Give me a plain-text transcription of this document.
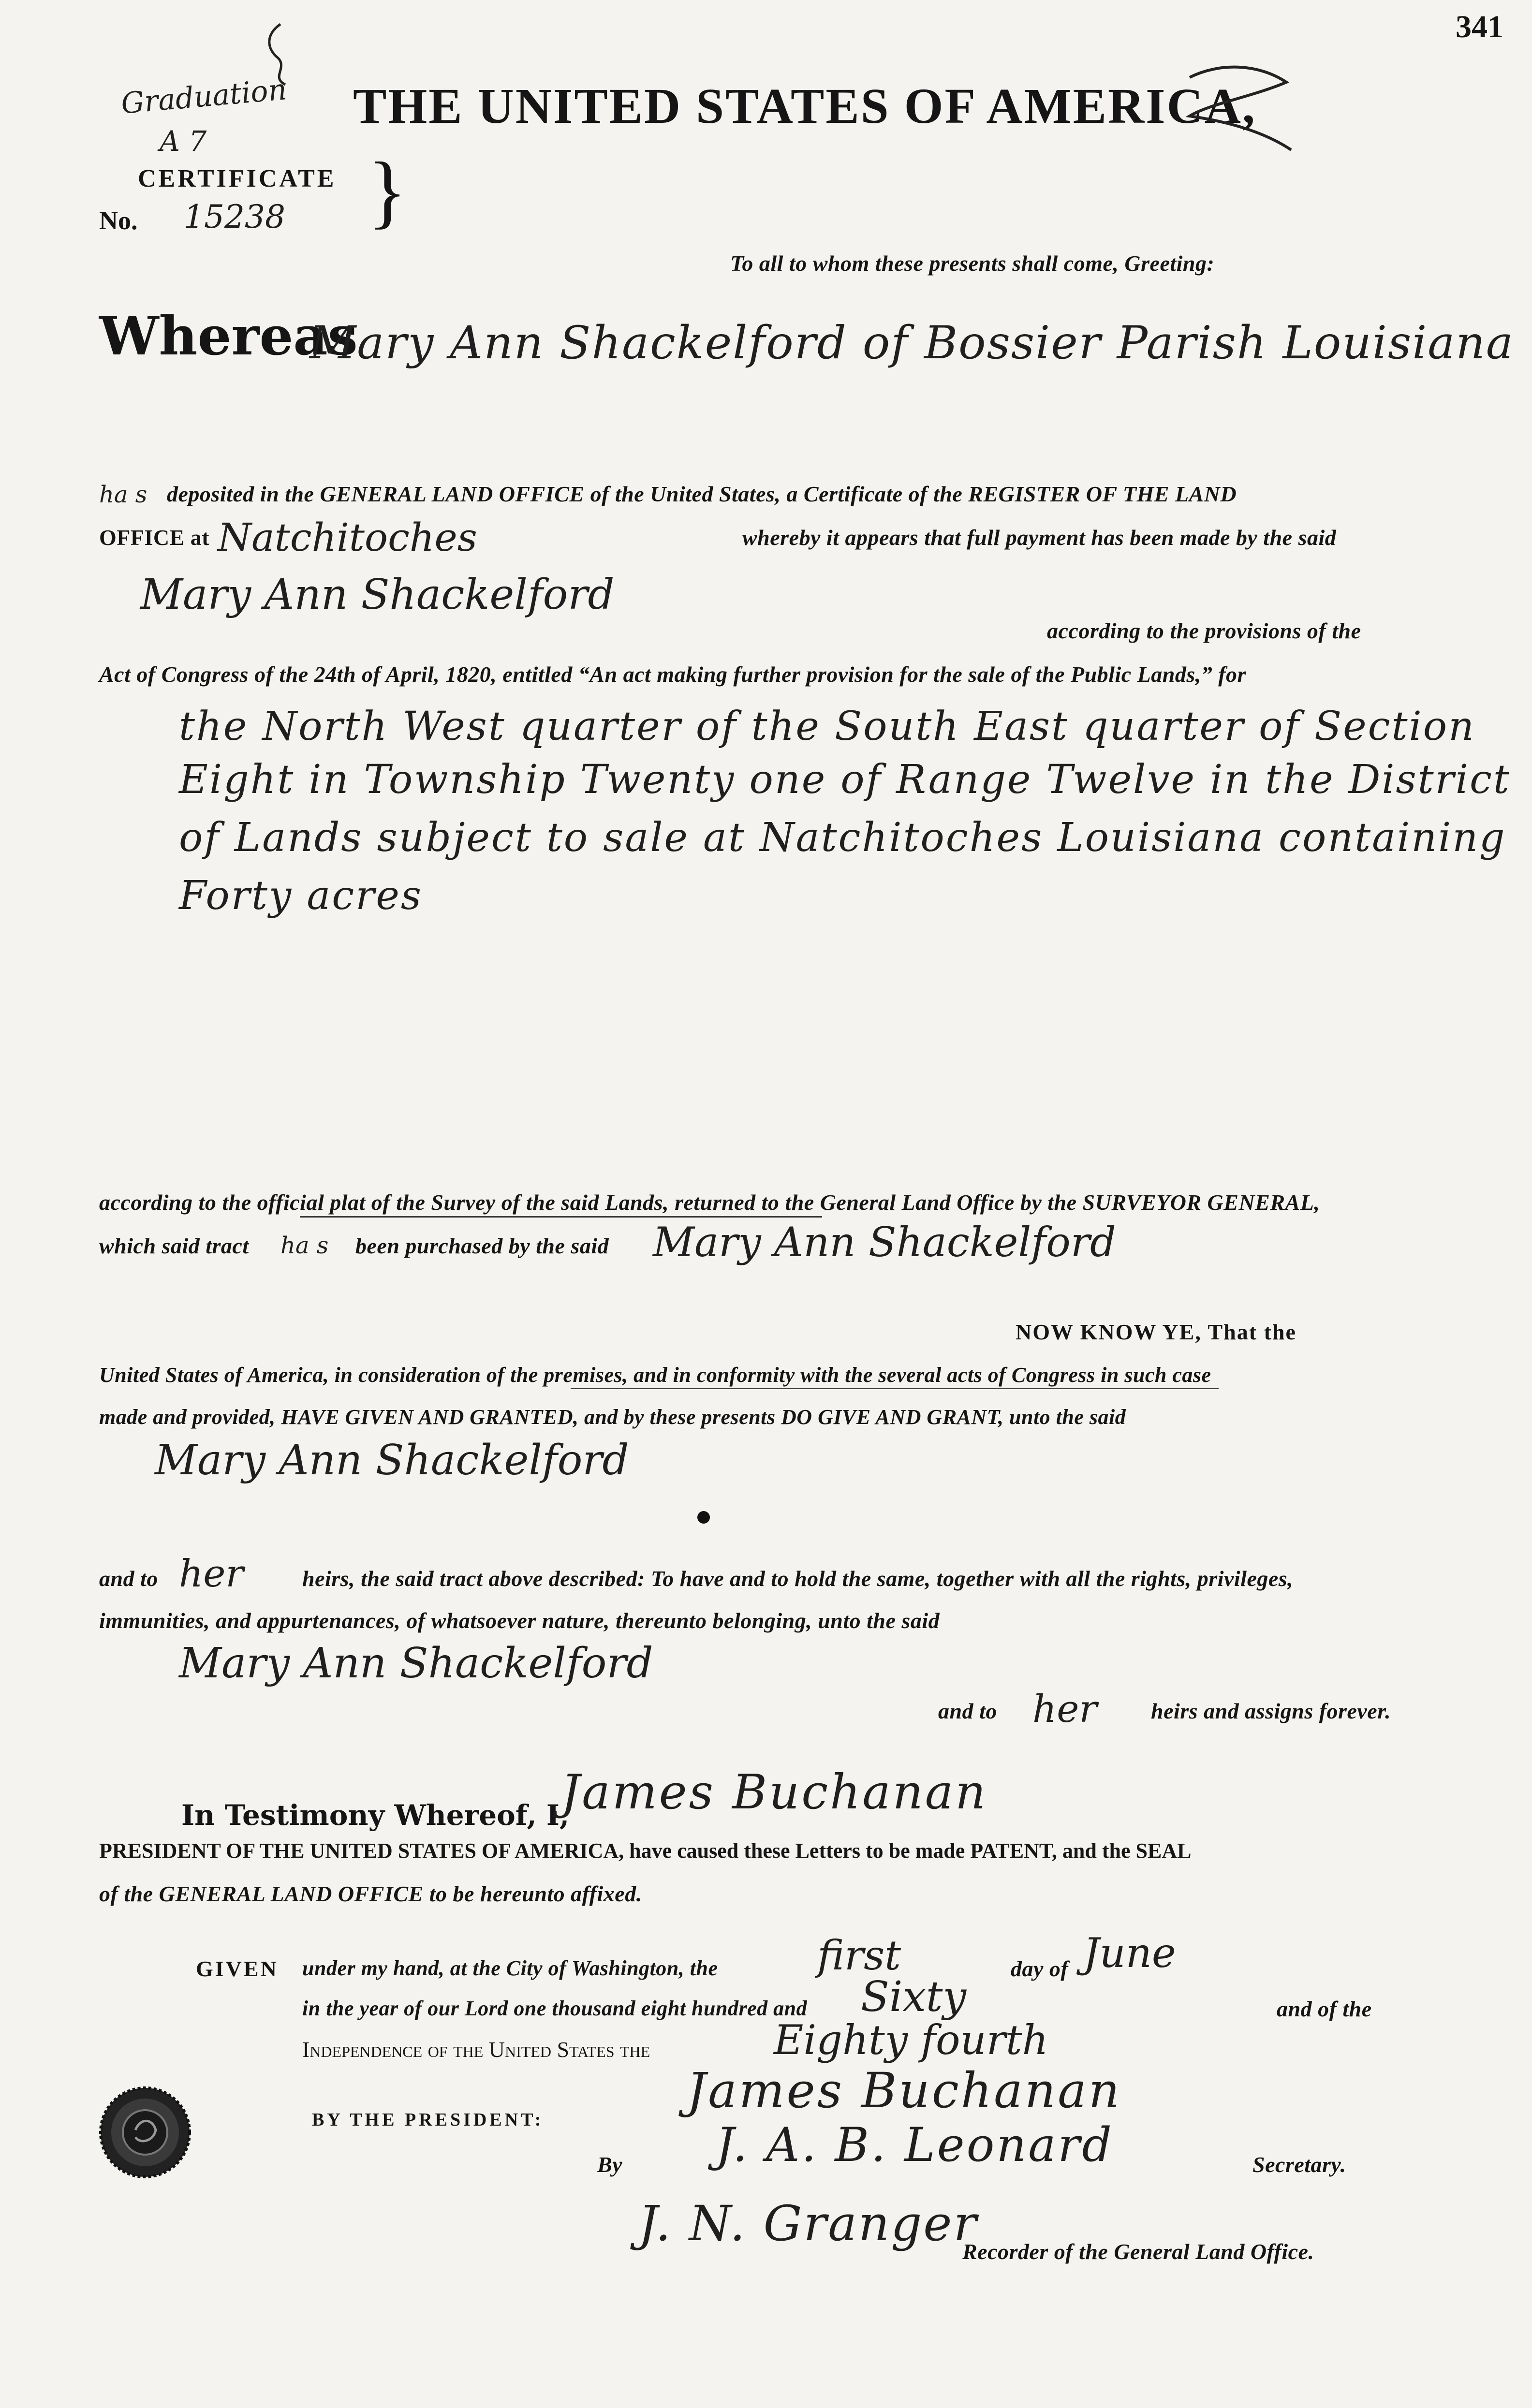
341
Graduation
A 7
CERTIFICATE }
No. 15238
THE UNITED STATES OF AMERICA,
To all to whom these presents shall come, Greeting:
Whereas
Mary Ann Shackelford of Bossier Parish Louisiana
ha s deposited in the GENERAL LAND OFFICE of the United States, a Certificate of the REGISTER OF THE LAND
OFFICE at Natchitoches	whereby it appears that full payment has been made by the said
Mary Ann Shackelford
according to the provisions of the
Act of Congress of the 24th of April, 1820, entitled “An act making further provision for the sale of the Public Lands,” for
the North West quarter of the South East quarter of Section
Eight in Township Twenty one of Range Twelve in the District
of Lands subject to sale at Natchitoches Louisiana containing
Forty acres
according to the official plat of the Survey of the said Lands, returned to the General Land Office by the SURVEYOR GENERAL,
which said tract ha s been purchased by the said Mary Ann Shackelford
NOW KNOW YE, That the
United States of America, in consideration of the premises, and in conformity with the several acts of Congress in such case
made and provided, HAVE GIVEN AND GRANTED, and by these presents DO GIVE AND GRANT, unto the said
Mary Ann Shackelford
and to her	heirs, the said tract above described: To have and to hold the same, together with all the rights, privileges,
immunities, and appurtenances, of whatsoever nature, thereunto belonging, unto the said
Mary Ann Shackelford
and to her heirs and assigns forever.
In Testimony Whereof, I,
James Buchanan
PRESIDENT OF THE UNITED STATES OF AMERICA, have caused these Letters to be made PATENT, and the SEAL
of the GENERAL LAND OFFICE to be hereunto affixed.
GIVEN under my hand, at the City of Washington, the first	day of June
in the year of our Lord one thousand eight hundred and Sixty	and of the
Independence of the United States the	Eighty fourth
BY THE PRESIDENT:
James Buchanan
By J. A. B. Leonard	Secretary.
J. N. Granger
Recorder of the General Land Office.
